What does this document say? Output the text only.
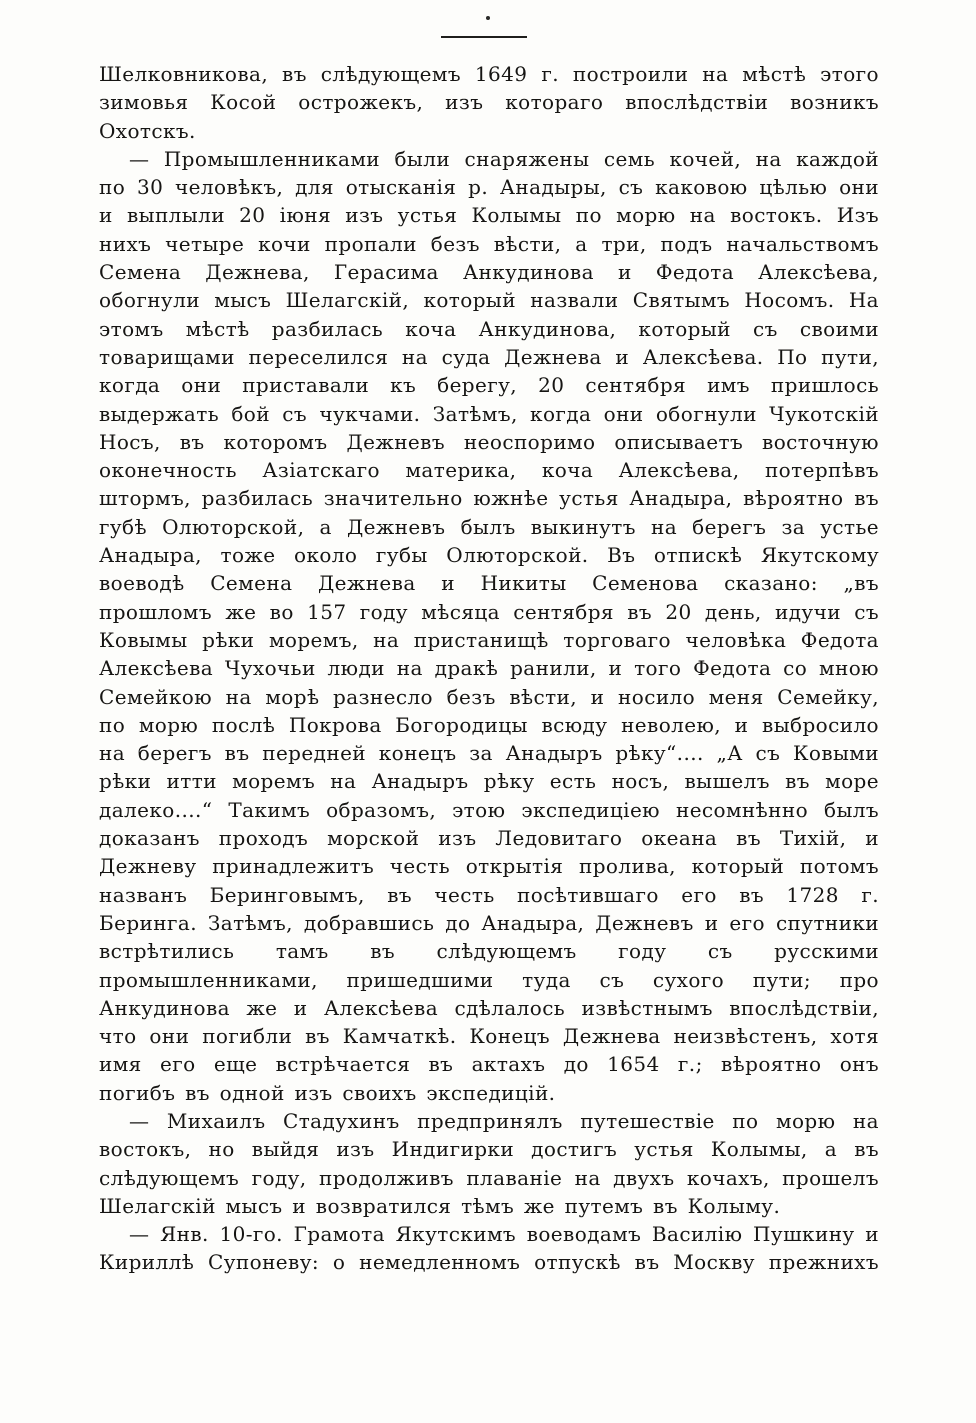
Шелковникова, въ слѣдующемъ 1649 г. построили на мѣстѣ этого зимовья Косой острожекъ, изъ котораго впослѣдствіи возникъ Охотскъ.

— Промышленниками были снаряжены семь кочей, на каждой по 30 человѣкъ, для отысканія р. Анадыры, съ каковою цѣлью они и выплыли 20 іюня изъ устья Колымы по морю на востокъ. Изъ нихъ четыре кочи пропали безъ вѣсти, а три, подъ начальствомъ Семена Дежнева, Герасима Анкудинова и Федота Алексѣева, обогнули мысъ Шелагскій, который назвали Святымъ Носомъ. На этомъ мѣстѣ разбилась коча Анкудинова, который съ своими товарищами переселился на суда Дежнева и Алексѣева. По пути, когда они приставали къ берегу, 20 сентября имъ пришлось выдержать бой съ чукчами. Затѣмъ, когда они обогнули Чукотскій Носъ, въ которомъ Дежневъ неоспоримо описываетъ восточную оконечность Азіатскаго материка, коча Алексѣева, потерпѣвъ штормъ, разбилась значительно южнѣе устья Анадыра, вѣроятно въ губѣ Олюторской, а Дежневъ былъ выкинутъ на берегъ за устье Анадыра, тоже около губы Олюторской. Въ отпискѣ Якутскому воеводѣ Семена Дежнева и Никиты Семенова сказано: „въ прошломъ же во 157 году мѣсяца сентября въ 20 день, идучи съ Ковымы рѣки моремъ, на пристанищѣ торговаго человѣка Федота Алексѣева Чухочьи люди на дракѣ ранили, и того Федота со мною Семейкою на морѣ разнесло безъ вѣсти, и носило меня Семейку, по морю послѣ Покрова Богородицы всюду неволею, и выбросило на берегъ въ передней конецъ за Анадыръ рѣку“.... „А съ Ковыми рѣки итти моремъ на Анадыръ рѣку есть носъ, вышелъ въ море далеко....“ Такимъ образомъ, этою экспедиціею несомнѣнно былъ доказанъ проходъ морской изъ Ледовитаго океана въ Тихій, и Дежневу принадлежитъ честь открытія пролива, который потомъ названъ Беринговымъ, въ честь посѣтившаго его въ 1728 г. Беринга. Затѣмъ, добравшись до Анадыра, Дежневъ и его спутники встрѣтились тамъ въ слѣдующемъ году съ русскими промышленниками, пришедшими туда съ сухого пути; про Анкудинова же и Алексѣева сдѣлалось извѣстнымъ впослѣдствіи, что они погибли въ Камчаткѣ. Конецъ Дежнева неизвѣстенъ, хотя имя его еще встрѣчается въ актахъ до 1654 г.; вѣроятно онъ погибъ въ одной изъ своихъ экспедицій.

— Михаилъ Стадухинъ предпринялъ путешествіе по морю на востокъ, но выйдя изъ Индигирки достигъ устья Колымы, а въ слѣдующемъ году, продолживъ плаваніе на двухъ кочахъ, прошелъ Шелагскій мысъ и возвратился тѣмъ же путемъ въ Колыму.

— Янв. 10-го. Грамота Якутскимъ воеводамъ Василію Пушкину и Кириллѣ Супоневу: о немедленномъ отпускѣ въ Москву прежнихъ
